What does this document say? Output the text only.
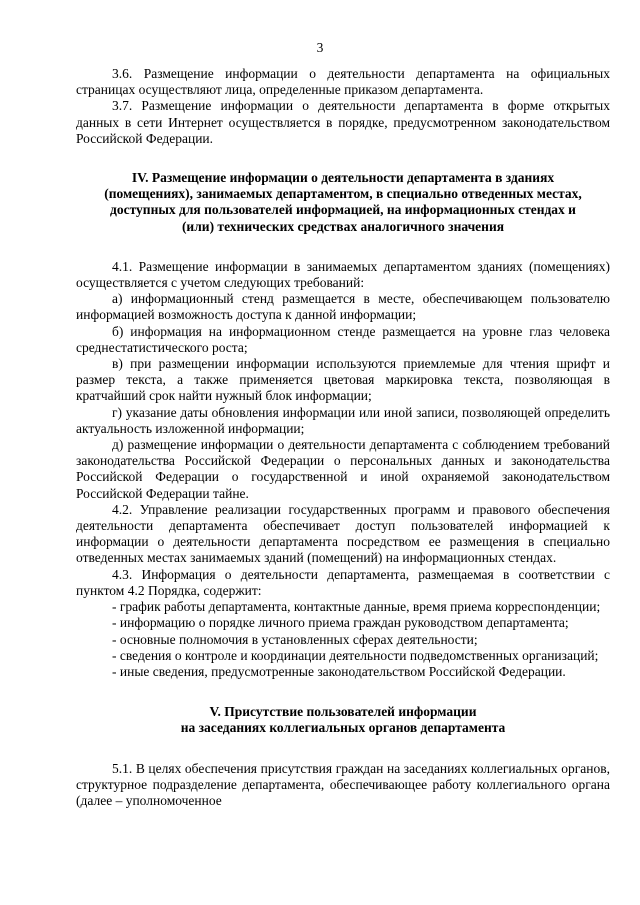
3

3.6. Размещение информации о деятельности департамента на официальных страницах осуществляют лица, определенные приказом департамента.

3.7. Размещение информации о деятельности департамента в форме открытых данных в сети Интернет осуществляется в порядке, предусмотренном законодательством Российской Федерации.

IV. Размещение информации о деятельности департамента в зданиях
(помещениях), занимаемых департаментом, в специально отведенных местах,
доступных для пользователей информацией, на информационных стендах и
(или) технических средствах аналогичного значения

4.1. Размещение информации в занимаемых департаментом зданиях (помещениях) осуществляется с учетом следующих требований:

а) информационный стенд размещается в месте, обеспечивающем пользователю информацией возможность доступа к данной информации;

б) информация на информационном стенде размещается на уровне глаз человека среднестатистического роста;

в) при размещении информации используются приемлемые для чтения шрифт и размер текста, а также применяется цветовая маркировка текста, позволяющая в кратчайший срок найти нужный блок информации;

г) указание даты обновления информации или иной записи, позволяющей определить актуальность изложенной информации;

д) размещение информации о деятельности департамента с соблюдением требований законодательства Российской Федерации о персональных данных и законодательства Российской Федерации о государственной и иной охраняемой законодательством Российской Федерации тайне.

4.2. Управление реализации государственных программ и правового обеспечения деятельности департамента обеспечивает доступ пользователей информацией к информации о деятельности департамента посредством ее размещения в специально отведенных местах занимаемых зданий (помещений) на информационных стендах.

4.3. Информация о деятельности департамента, размещаемая в соответствии с пунктом 4.2 Порядка, содержит:

- график работы департамента, контактные данные, время приема корреспонденции;

- информацию о порядке личного приема граждан руководством департамента;

- основные полномочия в установленных сферах деятельности;

- сведения о контроле и координации деятельности подведомственных организаций;

- иные сведения, предусмотренные законодательством Российской Федерации.

V. Присутствие пользователей информации
на заседаниях коллегиальных органов департамента

5.1. В целях обеспечения присутствия граждан на заседаниях коллегиальных органов, структурное подразделение департамента, обеспечивающее работу коллегиального органа (далее – уполномоченное
